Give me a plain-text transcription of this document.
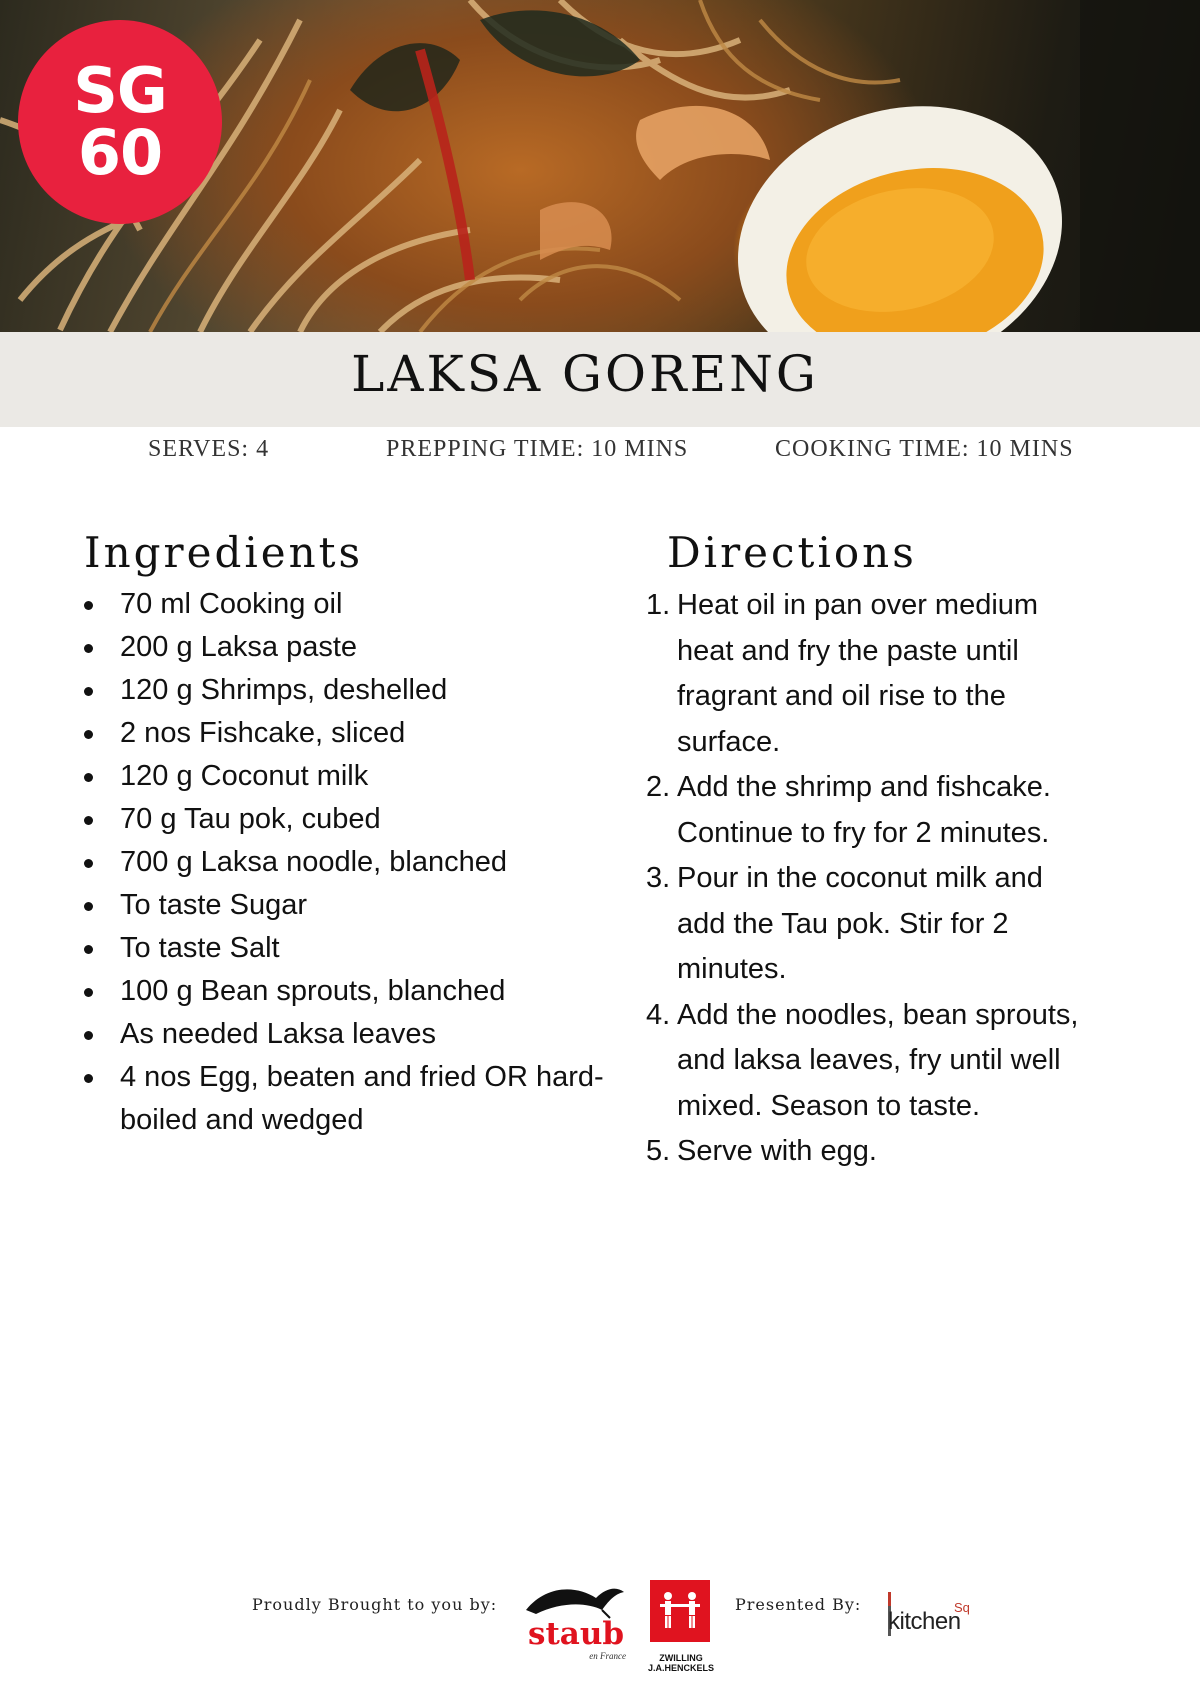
SG
60
LAKSA GORENG
SERVES: 4	PREPPING TIME: 10 MINS	COOKING TIME: 10 MINS
Ingredients
70 ml Cooking oil
200 g Laksa paste
120 g Shrimps, deshelled
2 nos Fishcake, sliced
120 g Coconut milk
70 g Tau pok, cubed
700 g Laksa noodle, blanched
To taste Sugar
To taste Salt
100 g Bean sprouts, blanched
As needed Laksa leaves
4 nos Egg, beaten and fried OR hard-boiled and wedged
Directions
1. Heat oil in pan over medium heat and fry the paste until fragrant and oil rise to the surface.
2. Add the shrimp and fishcake. Continue to fry for 2 minutes.
3. Pour in the coconut milk and add the Tau pok. Stir for 2 minutes.
4. Add the noodles, bean sprouts, and laksa leaves, fry until well mixed. Season to taste.
5. Serve with egg.
Proudly Brought to you by:
staub
en France	ZWILLING
J.A.HENCKELS
Presented By:
kitchen
Sq
